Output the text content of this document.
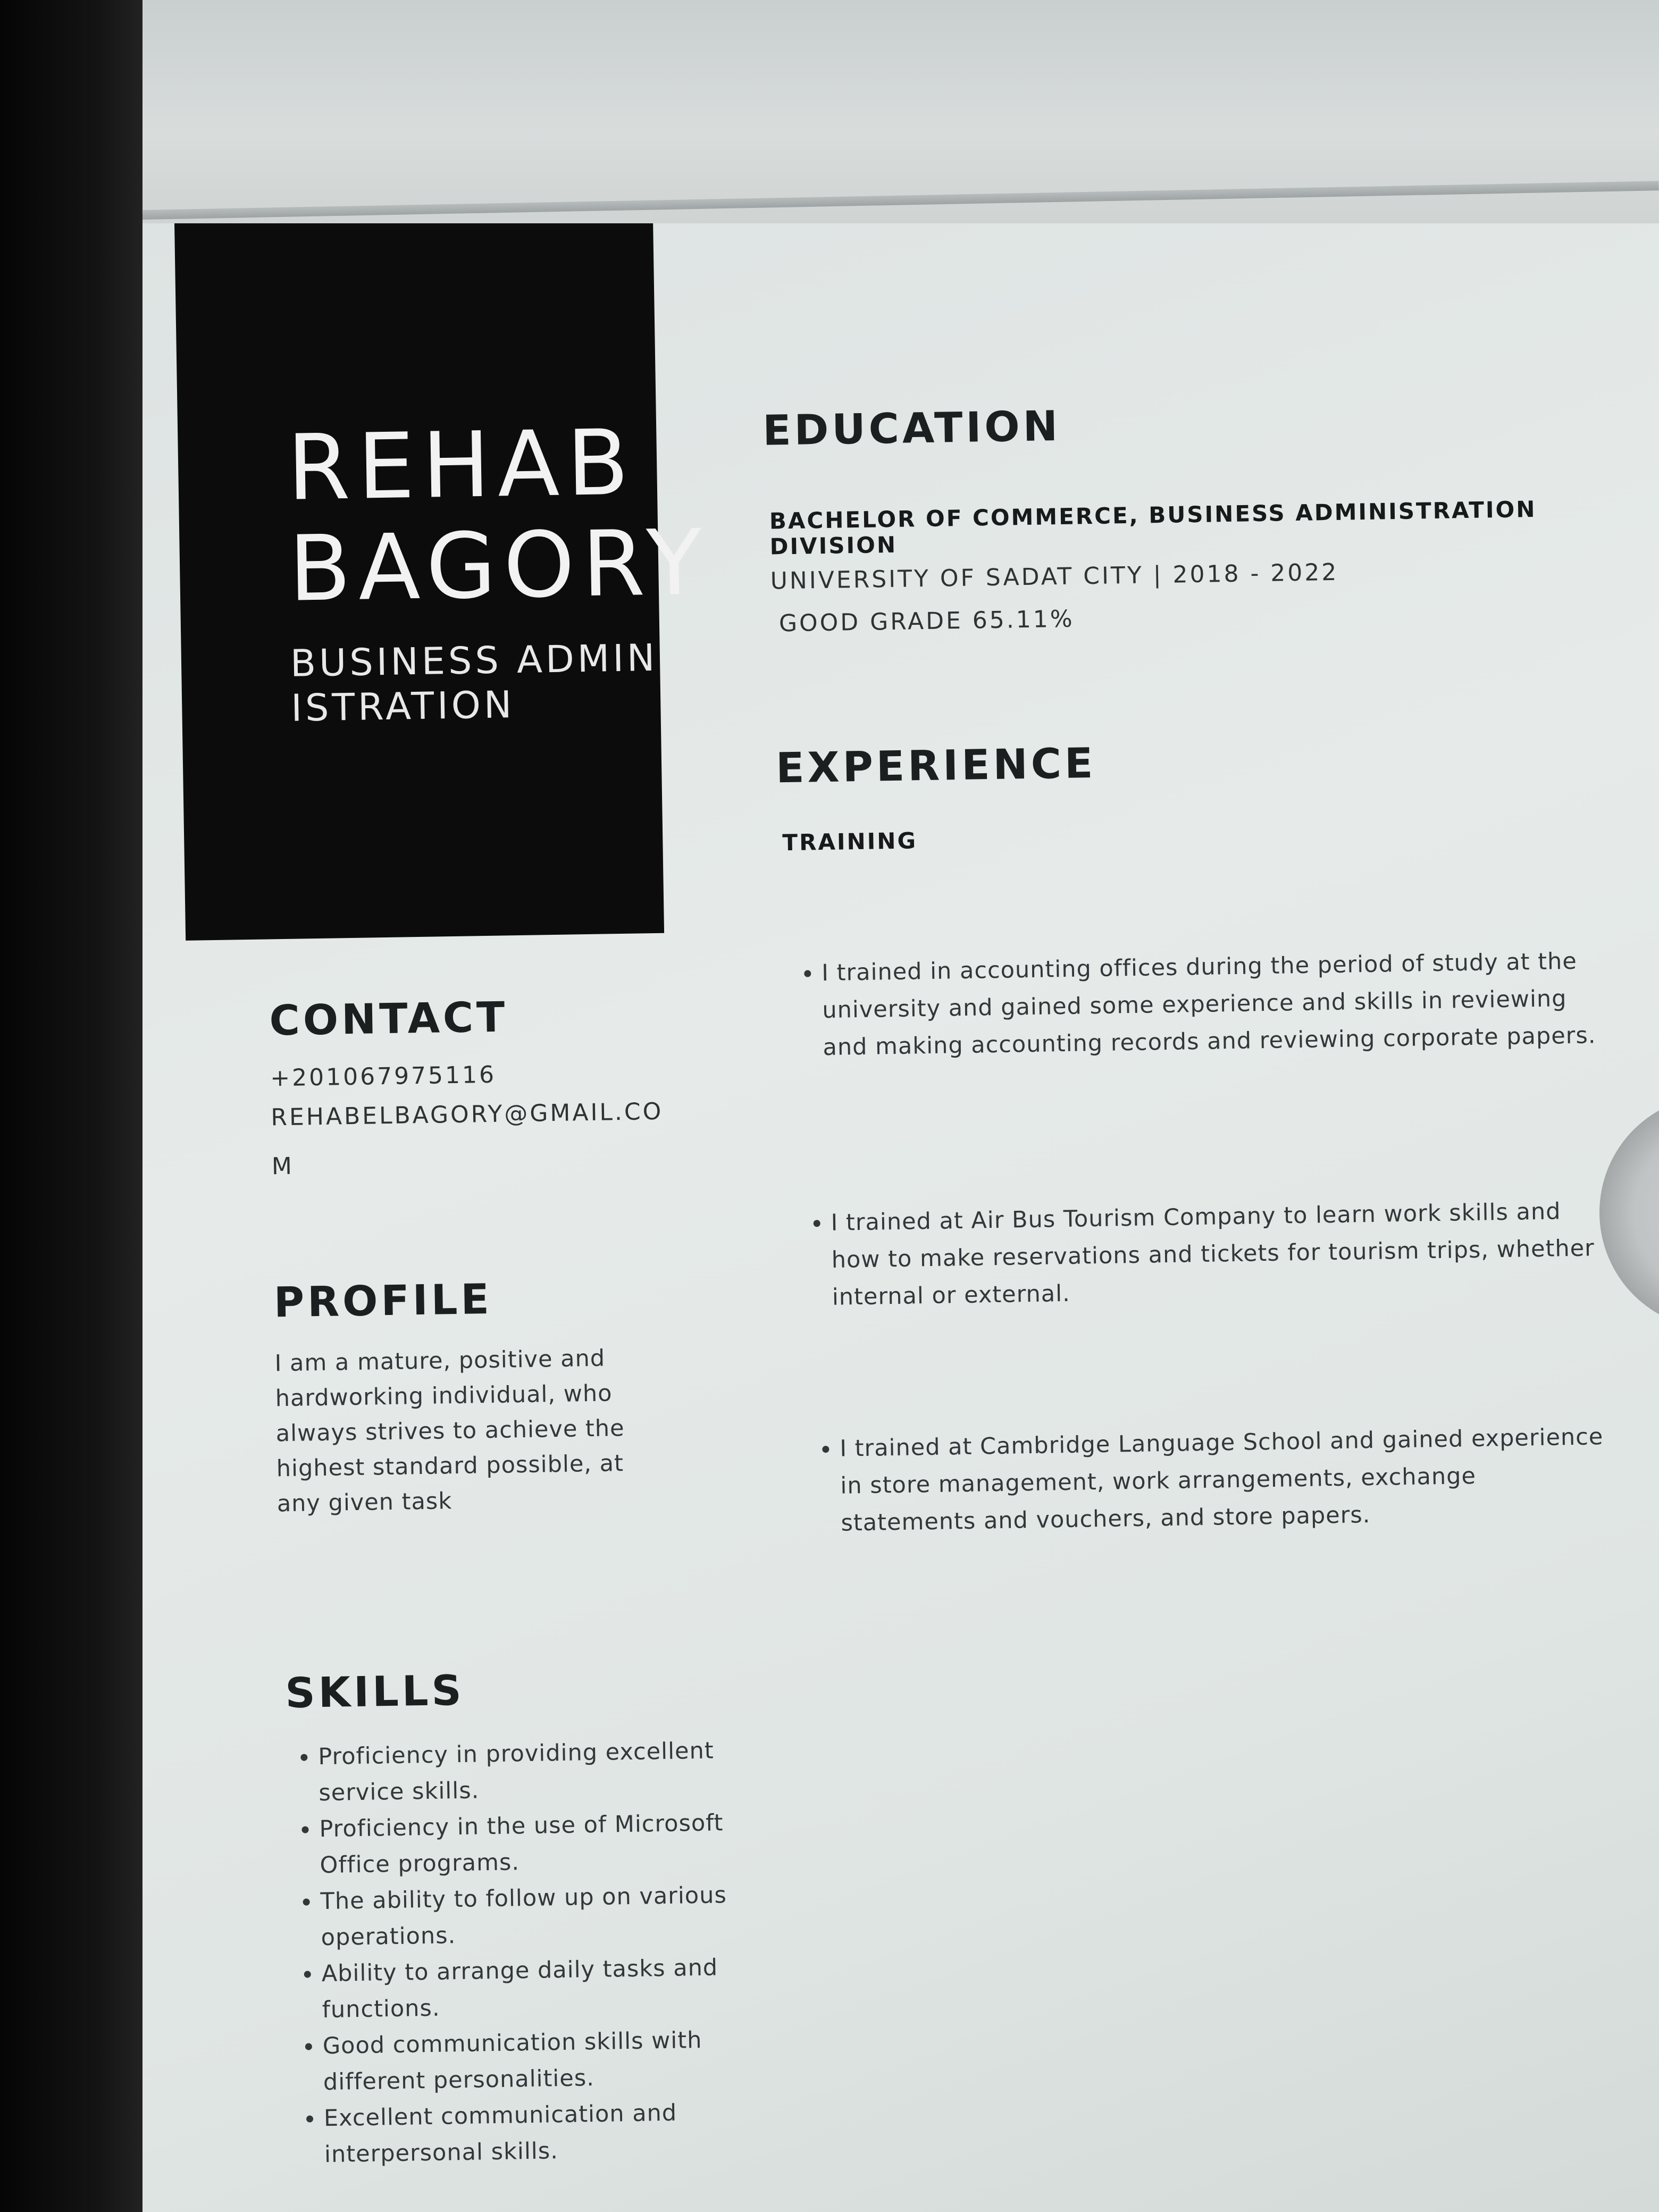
REHAB
BAGORY
BUSINESS ADMINISTRATION
CONTACT
+201067975116
REHABELBAGORY@GMAIL.COM
PROFILE
I am a mature, positive and hardworking individual, who always strives to achieve the highest standard possible, at any given task
SKILLS
• Proficiency in providing excellent service skills.
• Proficiency in the use of Microsoft Office programs.
• The ability to follow up on various operations.
• Ability to arrange daily tasks and functions.
• Good communication skills with different personalities.
• Excellent communication and interpersonal skills.
EDUCATION
BACHELOR OF COMMERCE, BUSINESS ADMINISTRATION DIVISION
UNIVERSITY OF SADAT CITY | 2018 - 2022
GOOD GRADE 65.11%
EXPERIENCE
TRAINING
• I trained in accounting offices during the period of study at the university and gained some experience and skills in reviewing and making accounting records and reviewing corporate papers.
• I trained at Air Bus Tourism Company to learn work skills and how to make reservations and tickets for tourism trips, whether internal or external.
• I trained at Cambridge Language School and gained experience in store management, work arrangements, exchange statements and vouchers, and store papers.
